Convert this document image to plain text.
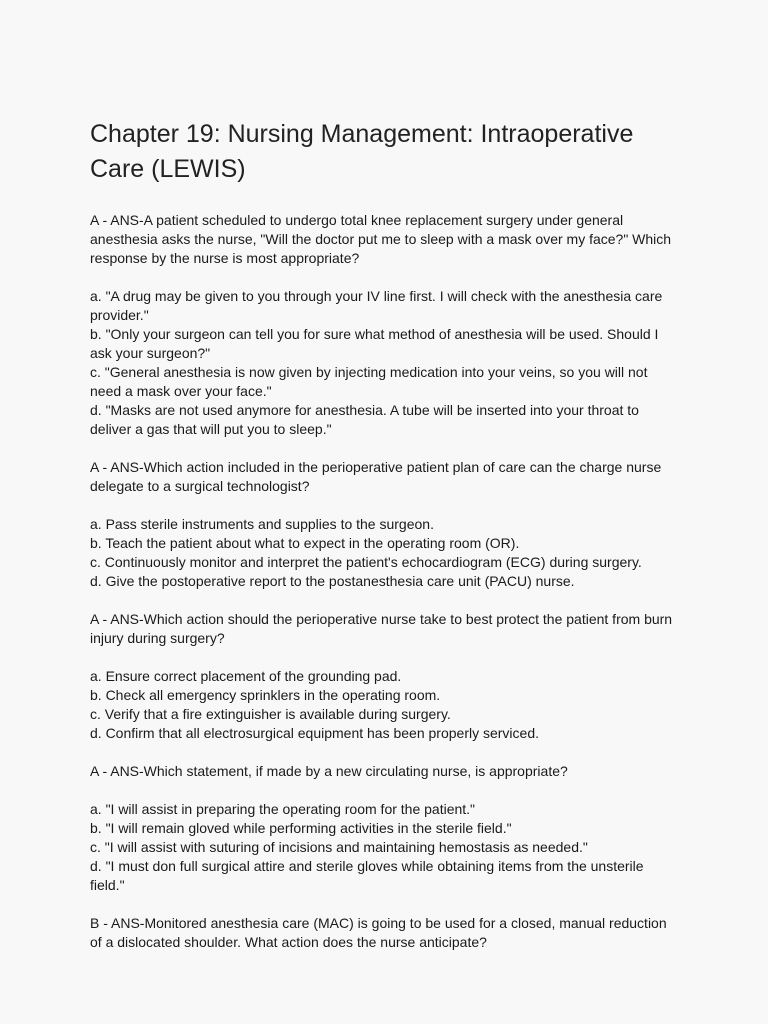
Chapter 19: Nursing Management: Intraoperative Care (LEWIS)

A - ANS-A patient scheduled to undergo total knee replacement surgery under general anesthesia asks the nurse, "Will the doctor put me to sleep with a mask over my face?" Which response by the nurse is most appropriate?

a. "A drug may be given to you through your IV line first. I will check with the anesthesia care provider."
b. "Only your surgeon can tell you for sure what method of anesthesia will be used. Should I ask your surgeon?"
c. "General anesthesia is now given by injecting medication into your veins, so you will not need a mask over your face."
d. "Masks are not used anymore for anesthesia. A tube will be inserted into your throat to deliver a gas that will put you to sleep."

A - ANS-Which action included in the perioperative patient plan of care can the charge nurse delegate to a surgical technologist?

a. Pass sterile instruments and supplies to the surgeon.
b. Teach the patient about what to expect in the operating room (OR).
c. Continuously monitor and interpret the patient's echocardiogram (ECG) during surgery.
d. Give the postoperative report to the postanesthesia care unit (PACU) nurse.

A - ANS-Which action should the perioperative nurse take to best protect the patient from burn injury during surgery?

a. Ensure correct placement of the grounding pad.
b. Check all emergency sprinklers in the operating room.
c. Verify that a fire extinguisher is available during surgery.
d. Confirm that all electrosurgical equipment has been properly serviced.

A - ANS-Which statement, if made by a new circulating nurse, is appropriate?

a. "I will assist in preparing the operating room for the patient."
b. "I will remain gloved while performing activities in the sterile field."
c. "I will assist with suturing of incisions and maintaining hemostasis as needed."
d. "I must don full surgical attire and sterile gloves while obtaining items from the unsterile field."

B - ANS-Monitored anesthesia care (MAC) is going to be used for a closed, manual reduction of a dislocated shoulder. What action does the nurse anticipate?
